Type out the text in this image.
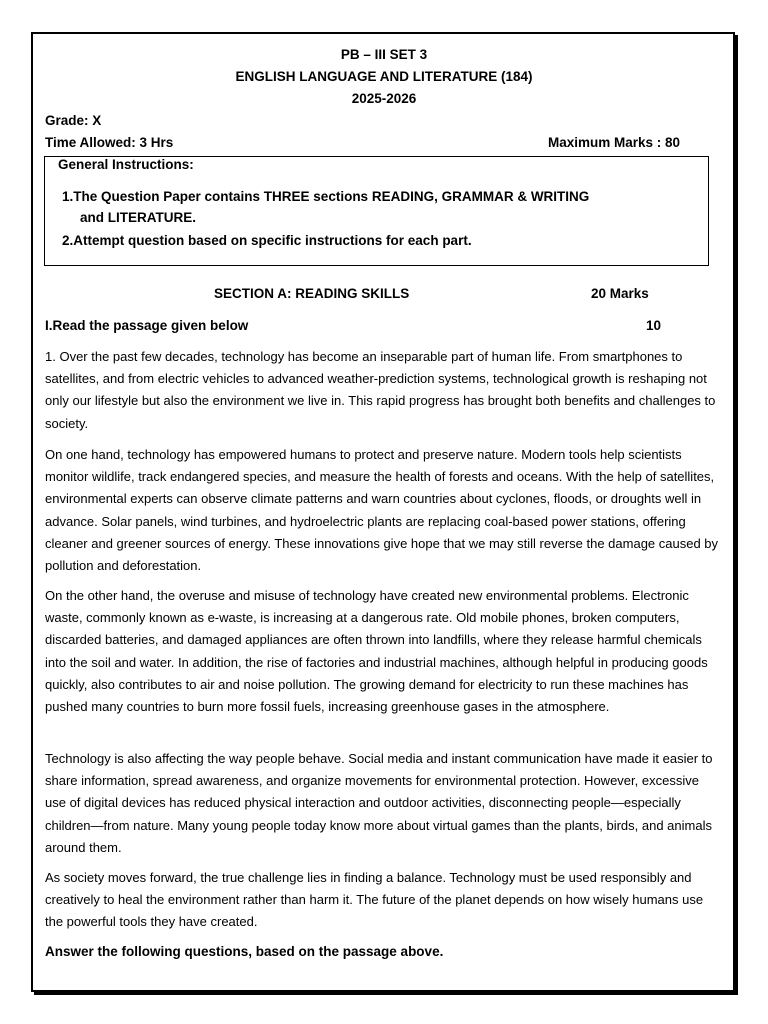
PB – III SET 3
ENGLISH LANGUAGE AND LITERATURE (184)
2025-2026
Grade: X
Time Allowed: 3 Hrs	Maximum Marks : 80
General Instructions:
1.The Question Paper contains THREE sections READING, GRAMMAR & WRITING
and LITERATURE.
2.Attempt question based on specific instructions for each part.
SECTION A: READING SKILLS	20 Marks
I.Read the passage given below	10

1. Over the past few decades, technology has become an inseparable part of human life. From smartphones to satellites, and from electric vehicles to advanced weather-prediction systems, technological growth is reshaping not only our lifestyle but also the environment we live in. This rapid progress has brought both benefits and challenges to society.

On one hand, technology has empowered humans to protect and preserve nature. Modern tools help scientists monitor wildlife, track endangered species, and measure the health of forests and oceans. With the help of satellites, environmental experts can observe climate patterns and warn countries about cyclones, floods, or droughts well in advance. Solar panels, wind turbines, and hydroelectric plants are replacing coal-based power stations, offering cleaner and greener sources of energy. These innovations give hope that we may still reverse the damage caused by pollution and deforestation.

On the other hand, the overuse and misuse of technology have created new environmental problems. Electronic waste, commonly known as e-waste, is increasing at a dangerous rate. Old mobile phones, broken computers, discarded batteries, and damaged appliances are often thrown into landfills, where they release harmful chemicals into the soil and water. In addition, the rise of factories and industrial machines, although helpful in producing goods quickly, also contributes to air and noise pollution. The growing demand for electricity to run these machines has pushed many countries to burn more fossil fuels, increasing greenhouse gases in the atmosphere.

Technology is also affecting the way people behave. Social media and instant communication have made it easier to share information, spread awareness, and organize movements for environmental protection. However, excessive use of digital devices has reduced physical interaction and outdoor activities, disconnecting people—especially children—from nature. Many young people today know more about virtual games than the plants, birds, and animals around them.

As society moves forward, the true challenge lies in finding a balance. Technology must be used responsibly and creatively to heal the environment rather than harm it. The future of the planet depends on how wisely humans use the powerful tools they have created.

Answer the following questions, based on the passage above.
